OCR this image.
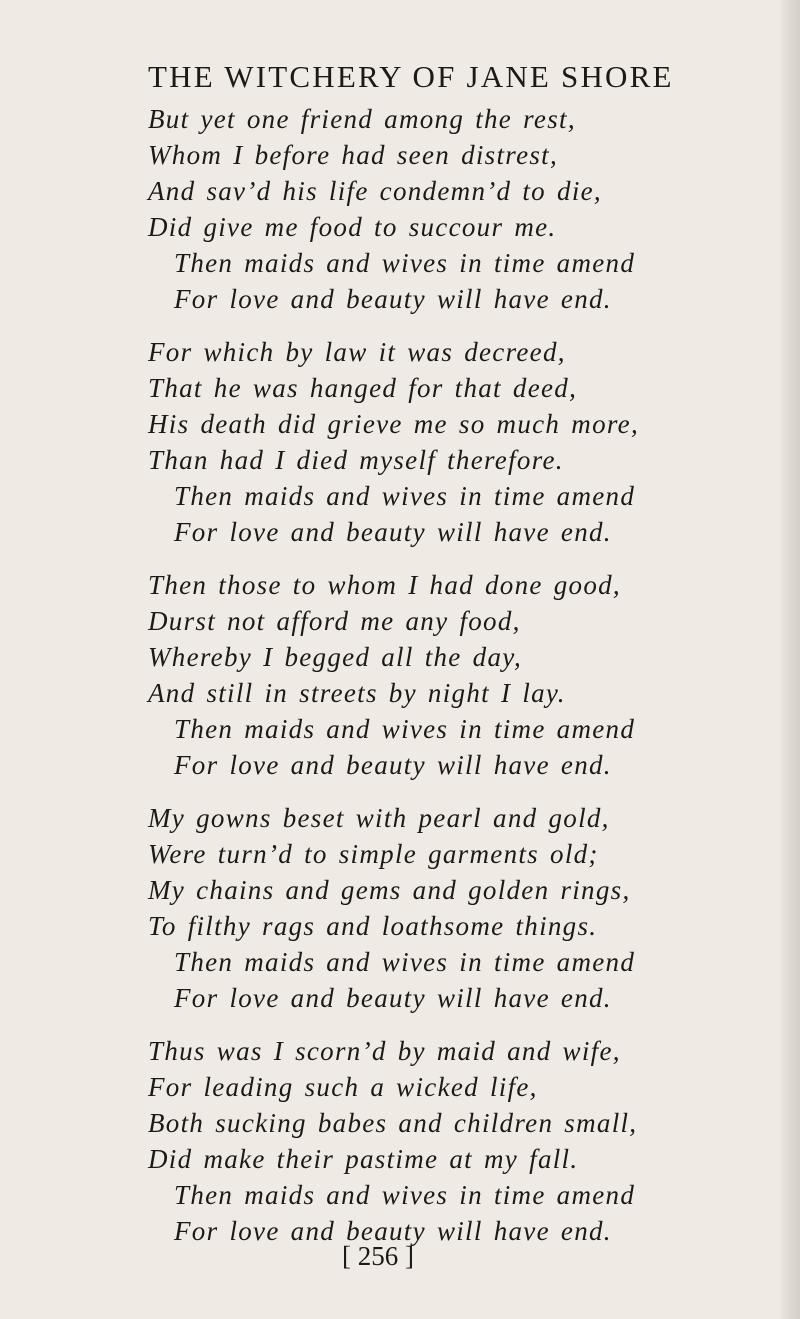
THE WITCHERY OF JANE SHORE
But yet one friend among the rest,
Whom I before had seen distrest,
And sav’d his life condemn’d to die,
Did give me food to succour me.
Then maids and wives in time amend
For love and beauty will have end.
For which by law it was decreed,
That he was hanged for that deed,
His death did grieve me so much more,
Than had I died myself therefore.
Then maids and wives in time amend
For love and beauty will have end.
Then those to whom I had done good,
Durst not afford me any food,
Whereby I begged all the day,
And still in streets by night I lay.
Then maids and wives in time amend
For love and beauty will have end.
My gowns beset with pearl and gold,
Were turn’d to simple garments old;
My chains and gems and golden rings,
To filthy rags and loathsome things.
Then maids and wives in time amend
For love and beauty will have end.
Thus was I scorn’d by maid and wife,
For leading such a wicked life,
Both sucking babes and children small,
Did make their pastime at my fall.
Then maids and wives in time amend
For love and beauty will have end.
[ 256 ]
